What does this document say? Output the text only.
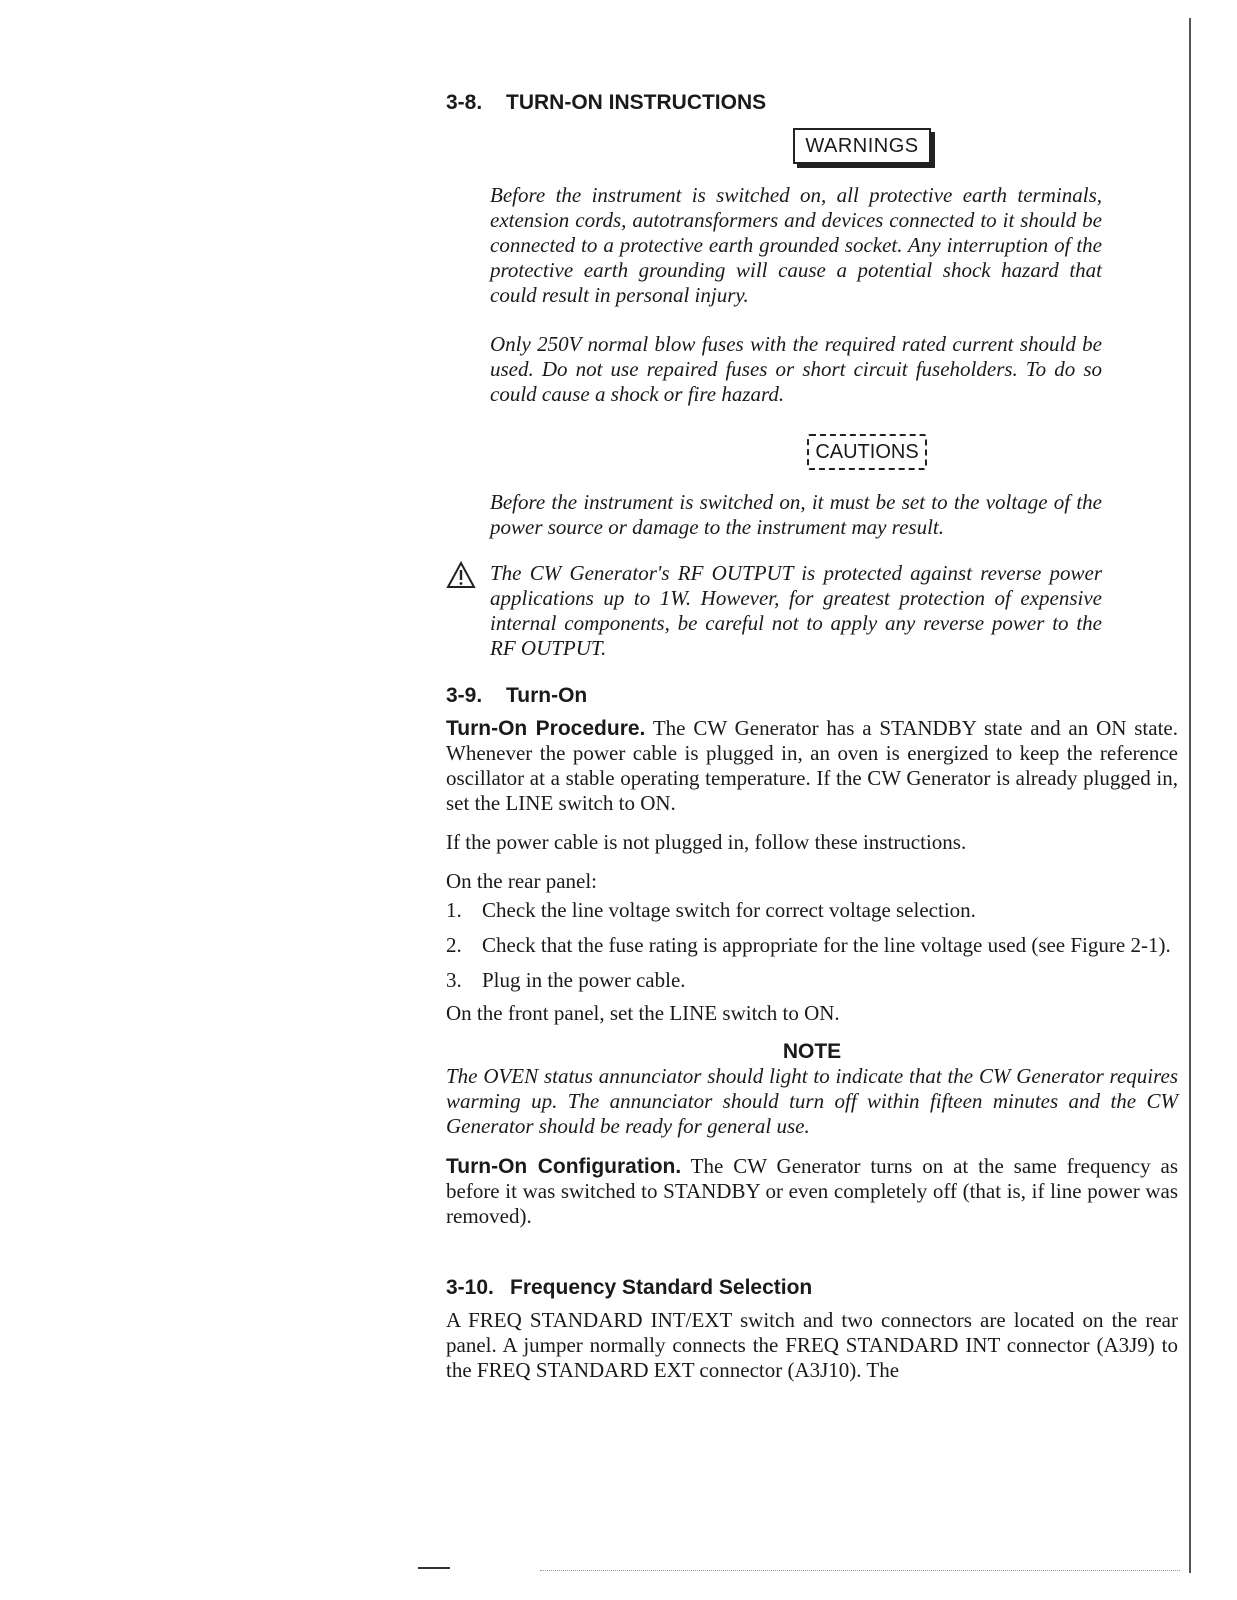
3-8. TURN-ON INSTRUCTIONS
WARNINGS

Before the instrument is switched on, all protective earth terminals, extension cords, autotransformers and devices connected to it should be connected to a protective earth grounded socket. Any interruption of the protective earth grounding will cause a potential shock hazard that could result in personal injury.

Only 250V normal blow fuses with the required rated current should be used. Do not use repaired fuses or short circuit fuseholders. To do so could cause a shock or fire hazard.

CAUTIONS

Before the instrument is switched on, it must be set to the voltage of the power source or damage to the instrument may result.

The CW Generator's RF OUTPUT is protected against reverse power applications up to 1W. However, for greatest protection of expensive internal components, be careful not to apply any reverse power to the RF OUTPUT.

3-9. Turn-On

Turn-On Procedure. The CW Generator has a STANDBY state and an ON state. Whenever the power cable is plugged in, an oven is energized to keep the reference oscillator at a stable operating temperature. If the CW Generator is already plugged in, set the LINE switch to ON.

If the power cable is not plugged in, follow these instructions.

On the rear panel:

1. Check the line voltage switch for correct voltage selection.
2. Check that the fuse rating is appropriate for the line voltage used (see Figure 2-1).
3. Plug in the power cable.

On the front panel, set the LINE switch to ON.

NOTE

The OVEN status annunciator should light to indicate that the CW Generator requires warming up. The annunciator should turn off within fifteen minutes and the CW Generator should be ready for general use.

Turn-On Configuration. The CW Generator turns on at the same frequency as before it was switched to STANDBY or even completely off (that is, if line power was removed).

3-10. Frequency Standard Selection

A FREQ STANDARD INT/EXT switch and two connectors are located on the rear panel. A jumper normally connects the FREQ STANDARD INT connector (A3J9) to the FREQ STANDARD EXT connector (A3J10). The
